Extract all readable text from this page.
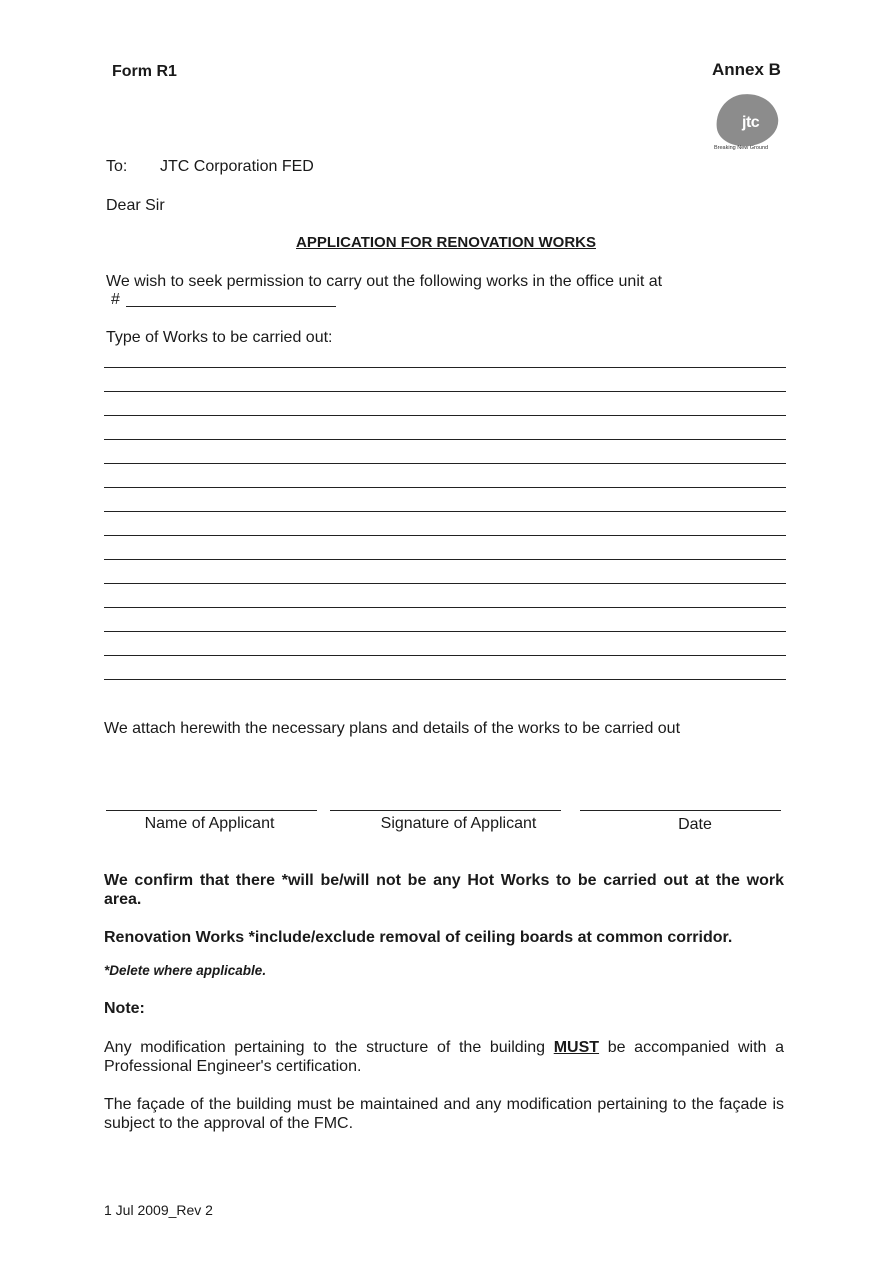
Form R1	Annex B
jtc
Breaking New Ground
To: JTC Corporation FED
Dear Sir
APPLICATION FOR RENOVATION WORKS
We wish to seek permission to carry out the following works in the office unit at
#
Type of Works to be carried out:
We attach herewith the necessary plans and details of the works to be carried out
Name of Applicant	Signature of Applicant	Date
We confirm that there *will be/will not be any Hot Works to be carried out at the work area.
Renovation Works *include/exclude removal of ceiling boards at common corridor.
*Delete where applicable.
Note:
Any modification pertaining to the structure of the building MUST be accompanied with a Professional Engineer's certification.
The façade of the building must be maintained and any modification pertaining to the façade is subject to the approval of the FMC.
1 Jul 2009_Rev 2
